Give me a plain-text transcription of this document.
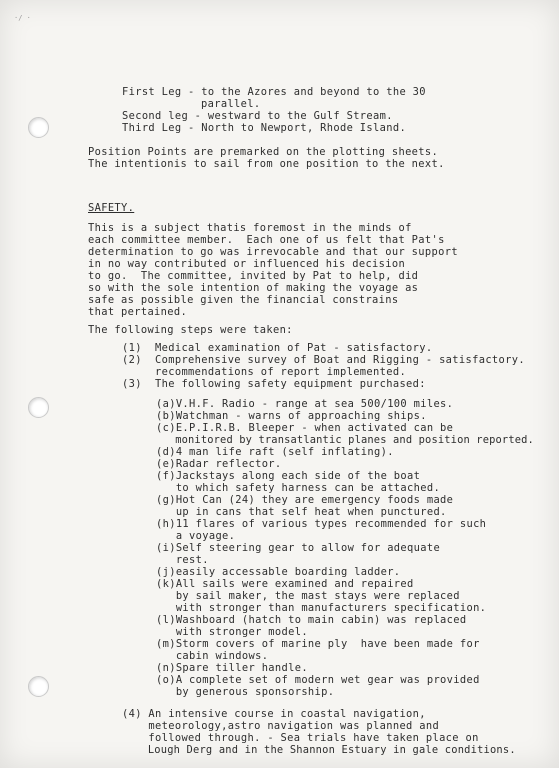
·/ ·
First Leg - to the Azores and beyond to the 30
parallel.
Second leg - westward to the Gulf Stream.
Third Leg - North to Newport, Rhode Island.
Position Points are premarked on the plotting sheets.
The intentionis to sail from one position to the next.
SAFETY.
This is a subject thatis foremost in the minds of
each committee member.  Each one of us felt that Pat's
determination to go was irrevocable and that our support
in no way contributed or influenced his decision
to go.  The committee, invited by Pat to help, did
so with the sole intention of making the voyage as
safe as possible given the financial constrains
that pertained.
The following steps were taken:
(1)  Medical examination of Pat - satisfactory.
(2)  Comprehensive survey of Boat and Rigging - satisfactory.
recommendations of report implemented.
(3)  The following safety equipment purchased:
(a)V.H.F. Radio - range at sea 500/100 miles.
(b)Watchman - warns of approaching ships.
(c)E.P.I.R.B. Bleeper - when activated can be
monitored by transatlantic planes and position reported.
(d)4 man life raft (self inflating).
(e)Radar reflector.
(f)Jackstays along each side of the boat
to which safety harness can be attached.
(g)Hot Can (24) they are emergency foods made
up in cans that self heat when punctured.
(h)11 flares of various types recommended for such
a voyage.
(i)Self steering gear to allow for adequate
rest.
(j)easily accessable boarding ladder.
(k)All sails were examined and repaired
by sail maker, the mast stays were replaced
with stronger than manufacturers specification.
(l)Washboard (hatch to main cabin) was replaced
with stronger model.
(m)Storm covers of marine ply  have been made for
cabin windows.
(n)Spare tiller handle.
(o)A complete set of modern wet gear was provided
by generous sponsorship.
(4) An intensive course in coastal navigation,
meteorology,astro navigation was planned and
followed through. - Sea trials have taken place on
Lough Derg and in the Shannon Estuary in gale conditions.
